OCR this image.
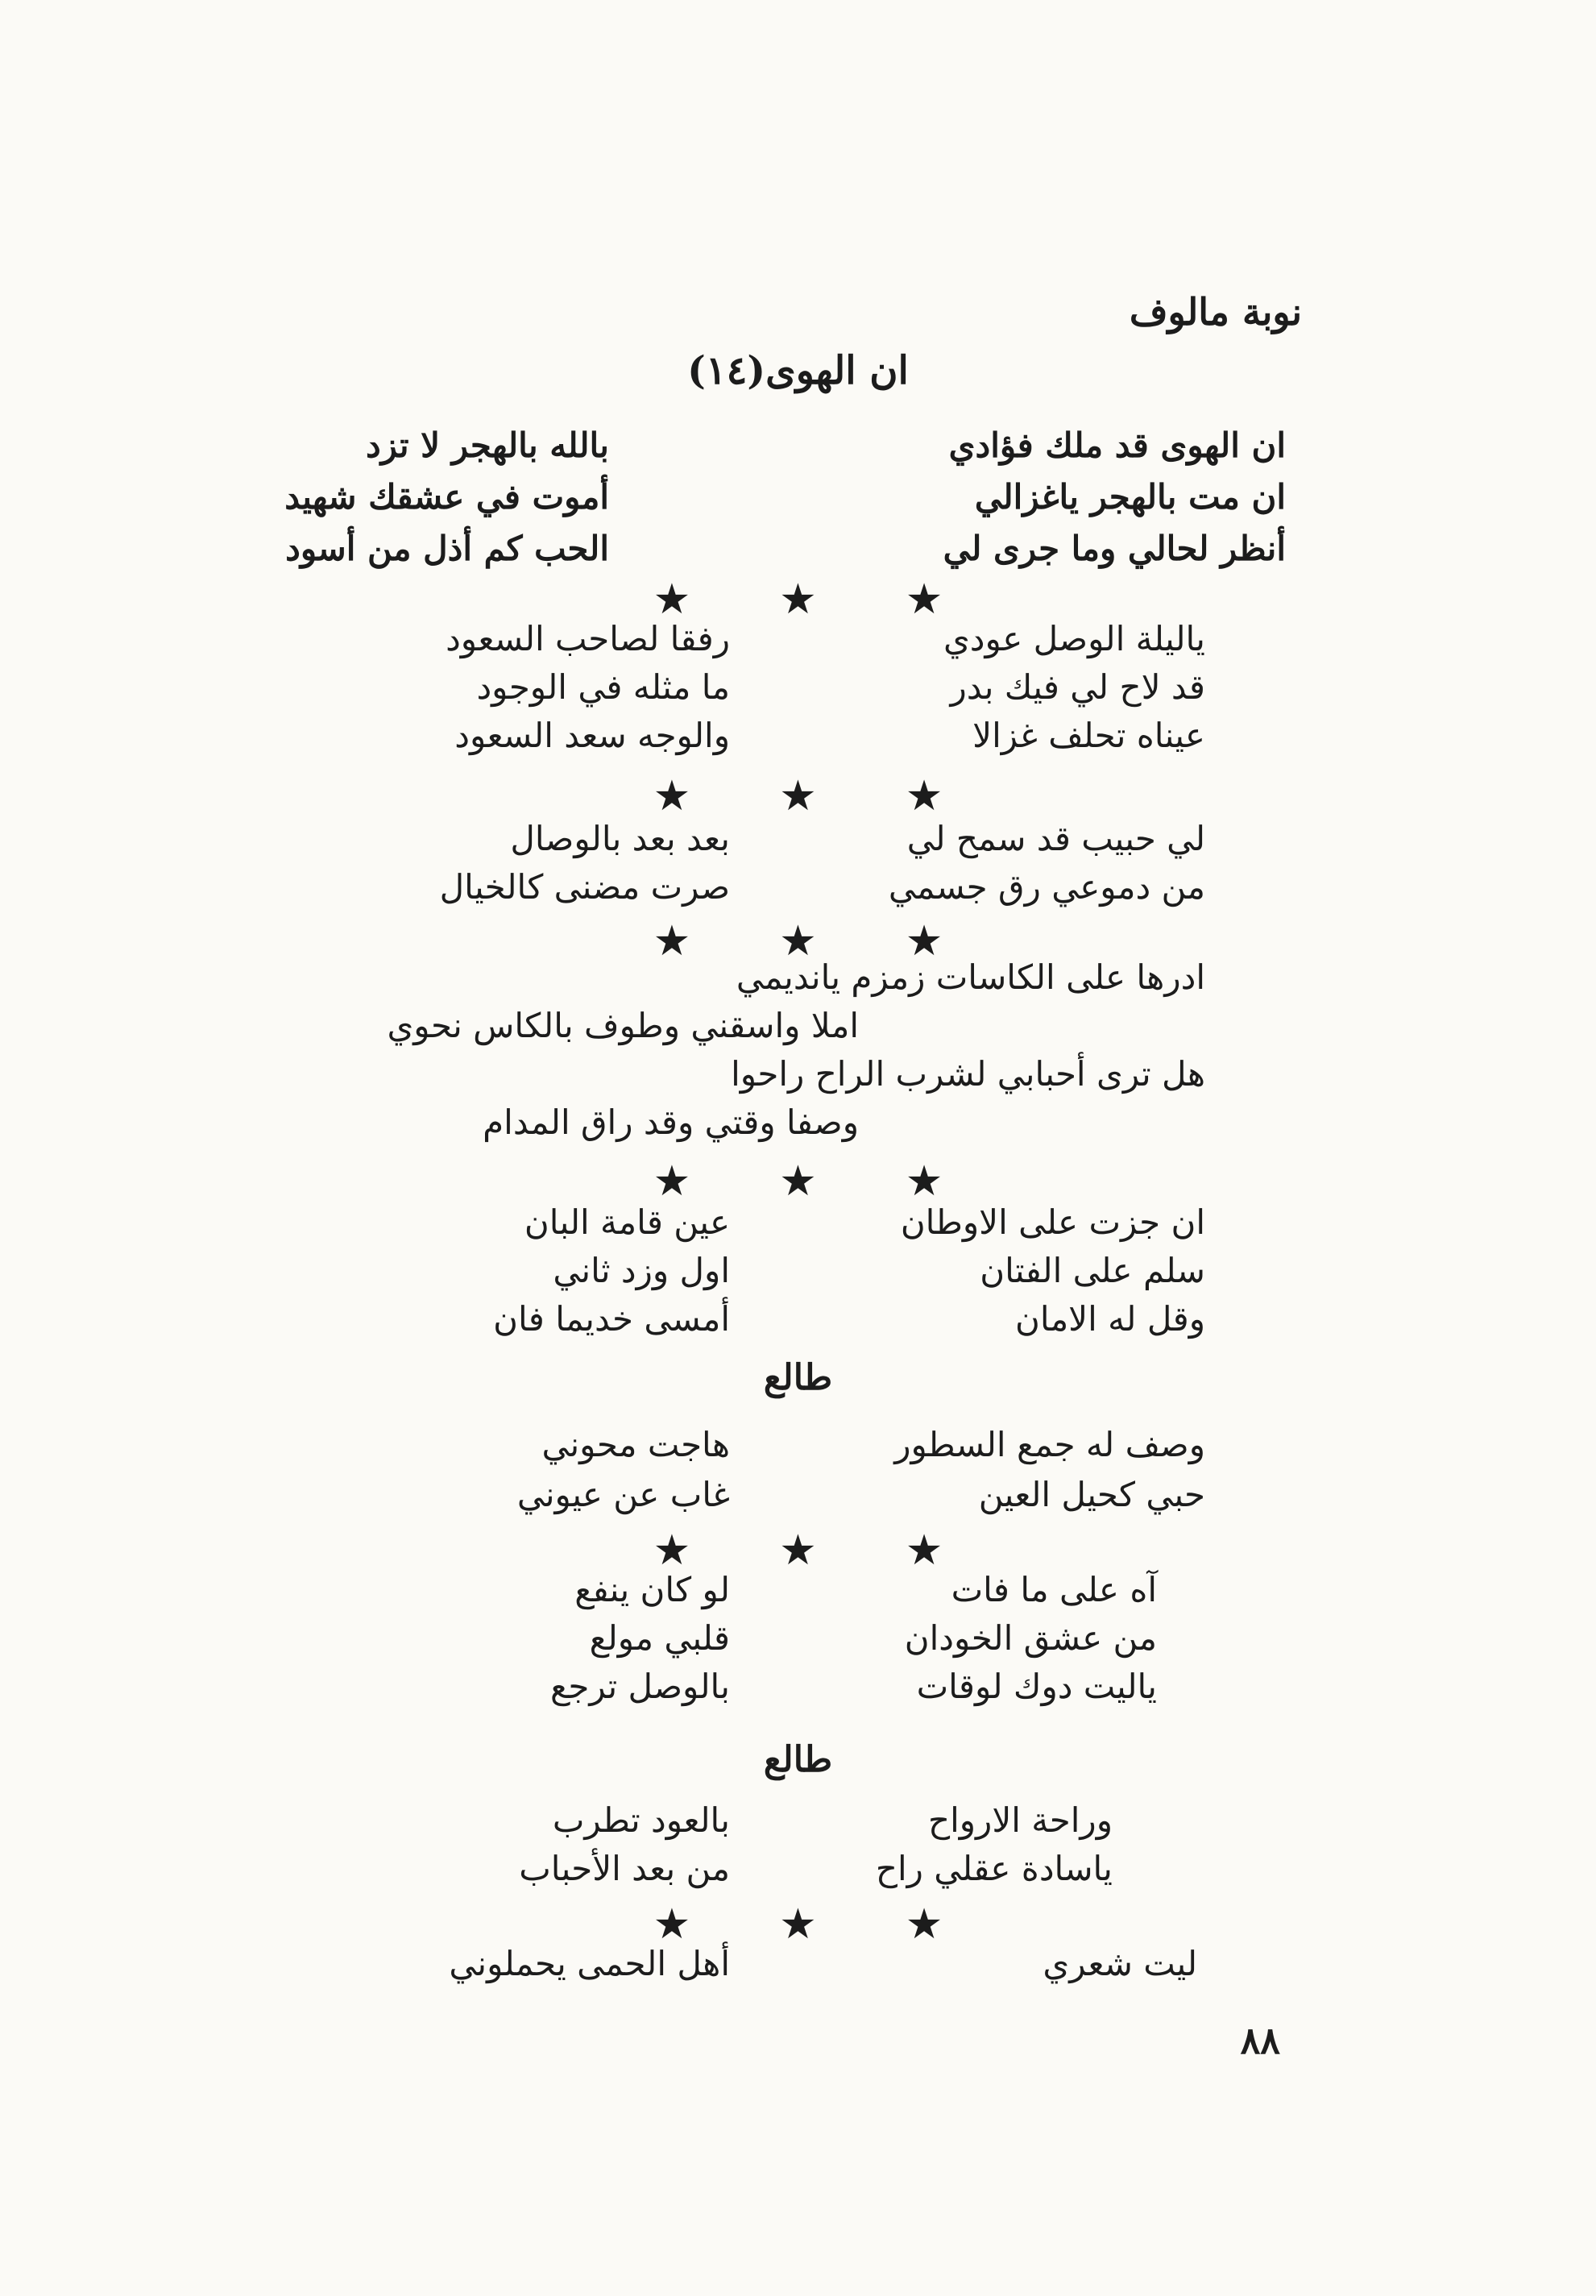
نوبة مالوف
ان الهوى(١٤)
ان الهوى قد ملك فؤادي
بالله بالهجر لا تزد
ان مت بالهجر ياغزالي
أموت في عشقك شهيد
أنظر لحالي وما جرى لي
الحب كم أذل من أسود
★★★
ياليلة الوصل عودي
رفقا لصاحب السعود
قد لاح لي فيك بدر
ما مثله في الوجود
عيناه تحلف غزالا
والوجه سعد السعود
★★★
لي حبيب قد سمح لي
بعد بعد بالوصال
من دموعي رق جسمي
صرت مضنى كالخيال
★★★
ادرها على الكاسات زمزم يانديمي
املا واسقني وطوف بالكاس نحوي
هل ترى أحبابي لشرب الراح راحوا
وصفا وقتي وقد راق المدام
★★★
ان جزت على الاوطان
عين قامة البان
سلم على الفتان
اول وزد ثاني
وقل له الامان
أمسى خديما فان
طالع
وصف له جمع السطور
هاجت محوني
حبي كحيل العين
غاب عن عيوني
★★★
آه على ما فات
لو كان ينفع
من عشق الخودان
قلبي مولع
ياليت دوك لوقات
بالوصل ترجع
طالع
وراحة الارواح
بالعود تطرب
ياسادة عقلي راح
من بعد الأحباب
★★★
ليت شعري
أهل الحمى يحملوني
٨٨
